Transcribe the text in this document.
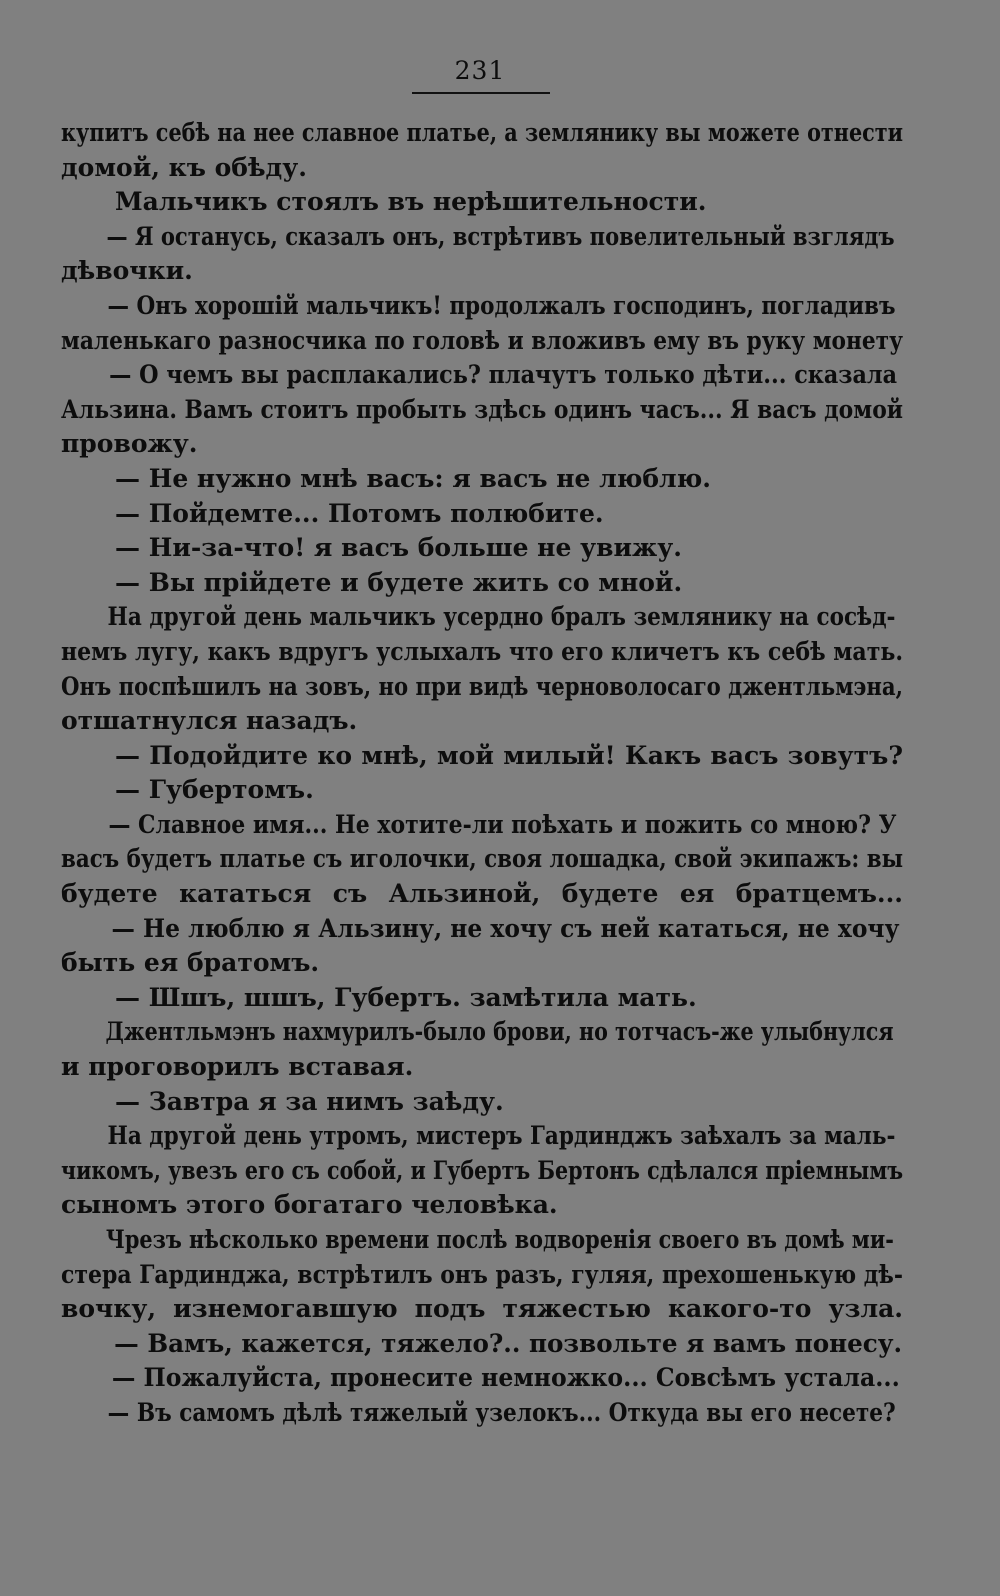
231
купитъ себѣ на нее славное платье, а землянику вы можете отнести
домой, къ обѣду.
Мальчикъ стоялъ въ нерѣшительности.
— Я останусь, сказалъ онъ, встрѣтивъ повелительный взглядъ
дѣвочки.
— Онъ хорошій мальчикъ! продолжалъ господинъ, погладивъ
маленькаго разносчика по головѣ и вложивъ ему въ руку монету
— О чемъ вы расплакались? плачутъ только дѣти... сказала
Альзина. Вамъ стоитъ пробыть здѣсь одинъ часъ... Я васъ домой
провожу.
— Не нужно мнѣ васъ: я васъ не люблю.
— Пойдемте... Потомъ полюбите.
— Ни-за-что! я васъ больше не увижу.
— Вы прійдете и будете жить со мной.
На другой день мальчикъ усердно бралъ землянику на сосѣд-
немъ лугу, какъ вдругъ услыхалъ что его кличетъ къ себѣ мать.
Онъ поспѣшилъ на зовъ, но при видѣ черноволосаго джентльмэна,
отшатнулся назадъ.
— Подойдите ко мнѣ, мой милый! Какъ васъ зовутъ?
— Губертомъ.
— Славное имя... Не хотите-ли поѣхать и пожить со мною? У
васъ будетъ платье съ иголочки, своя лошадка, свой экипажъ: вы
будете кататься съ Альзиной, будете ея братцемъ...
— Не люблю я Альзину, не хочу съ ней кататься, не хочу
быть ея братомъ.
— Шшъ, шшъ, Губертъ. замѣтила мать.
Джентльмэнъ нахмурилъ-было брови, но тотчасъ-же улыбнулся
и проговорилъ вставая.
— Завтра я за нимъ заѣду.
На другой день утромъ, мистеръ Гардинджъ заѣхалъ за маль-
чикомъ, увезъ его съ собой, и Губертъ Бертонъ сдѣлался пріемнымъ
сыномъ этого богатаго человѣка.
Чрезъ нѣсколько времени послѣ водворенія своего въ домѣ ми-
стера Гардинджа, встрѣтилъ онъ разъ, гуляя, прехошенькую дѣ-
вочку, изнемогавшую подъ тяжестью какого-то узла.
— Вамъ, кажется, тяжело?.. позвольте я вамъ понесу.
— Пожалуйста, пронесите немножко... Совсѣмъ устала...
— Въ самомъ дѣлѣ тяжелый узелокъ... Откуда вы его несете?
